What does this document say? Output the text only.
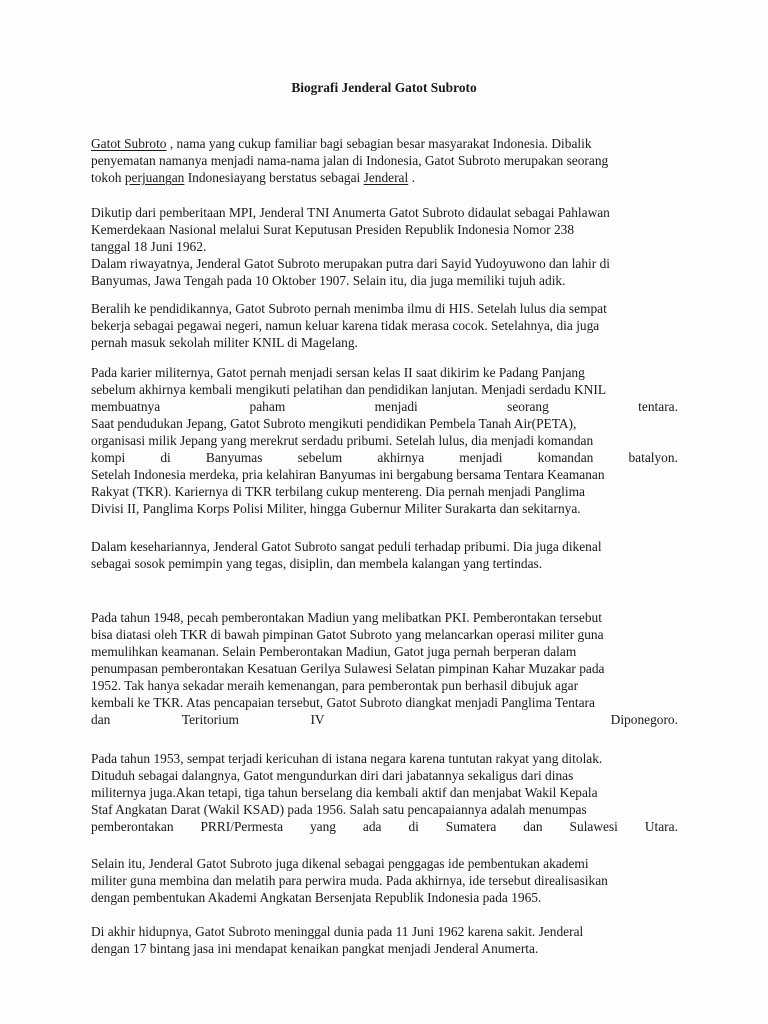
Biografi Jenderal Gatot Subroto
Gatot Subroto , nama yang cukup familiar bagi sebagian besar masyarakat Indonesia. Dibalik
penyematan namanya menjadi nama-nama jalan di Indonesia, Gatot Subroto merupakan seorang
tokoh perjuangan Indonesiayang berstatus sebagai Jenderal .
Dikutip dari pemberitaan MPI, Jenderal TNI Anumerta Gatot Subroto didaulat sebagai Pahlawan
Kemerdekaan Nasional melalui Surat Keputusan Presiden Republik Indonesia Nomor 238
tanggal 18 Juni 1962.
Dalam riwayatnya, Jenderal Gatot Subroto merupakan putra dari Sayid Yudoyuwono dan lahir di
Banyumas, Jawa Tengah pada 10 Oktober 1907. Selain itu, dia juga memiliki tujuh adik.
Beralih ke pendidikannya, Gatot Subroto pernah menimba ilmu di HIS. Setelah lulus dia sempat
bekerja sebagai pegawai negeri, namun keluar karena tidak merasa cocok. Setelahnya, dia juga
pernah masuk sekolah militer KNIL di Magelang.
Pada karier militernya, Gatot pernah menjadi sersan kelas II saat dikirim ke Padang Panjang
sebelum akhirnya kembali mengikuti pelatihan dan pendidikan lanjutan. Menjadi serdadu KNIL
membuatnya	paham	menjadi	seorang	tentara.
Saat pendudukan Jepang, Gatot Subroto mengikuti pendidikan Pembela Tanah Air(PETA),
organisasi milik Jepang yang merekrut serdadu pribumi. Setelah lulus, dia menjadi komandan
kompi	di	Banyumas	sebelum	akhirnya	menjadi	komandan	batalyon.
Setelah Indonesia merdeka, pria kelahiran Banyumas ini bergabung bersama Tentara Keamanan
Rakyat (TKR). Kariernya di TKR terbilang cukup mentereng. Dia pernah menjadi Panglima
Divisi II, Panglima Korps Polisi Militer, hingga Gubernur Militer Surakarta dan sekitarnya.
Dalam kesehariannya, Jenderal Gatot Subroto sangat peduli terhadap pribumi. Dia juga dikenal
sebagai sosok pemimpin yang tegas, disiplin, dan membela kalangan yang tertindas.
Pada tahun 1948, pecah pemberontakan Madiun yang melibatkan PKI. Pemberontakan tersebut
bisa diatasi oleh TKR di bawah pimpinan Gatot Subroto yang melancarkan operasi militer guna
memulihkan keamanan. Selain Pemberontakan Madiun, Gatot juga pernah berperan dalam
penumpasan pemberontakan Kesatuan Gerilya Sulawesi Selatan pimpinan Kahar Muzakar pada
1952. Tak hanya sekadar meraih kemenangan, para pemberontak pun berhasil dibujuk agar
kembali ke TKR. Atas pencapaian tersebut, Gatot Subroto diangkat menjadi Panglima Tentara
dan	Teritorium	IV	Diponegoro.
Pada tahun 1953, sempat terjadi kericuhan di istana negara karena tuntutan rakyat yang ditolak.
Dituduh sebagai dalangnya, Gatot mengundurkan diri dari jabatannya sekaligus dari dinas
militernya juga.Akan tetapi, tiga tahun berselang dia kembali aktif dan menjabat Wakil Kepala
Staf Angkatan Darat (Wakil KSAD) pada 1956. Salah satu pencapaiannya adalah menumpas
pemberontakan PRRI/Permesta yang ada di Sumatera dan Sulawesi Utara.
Selain itu, Jenderal Gatot Subroto juga dikenal sebagai penggagas ide pembentukan akademi
militer guna membina dan melatih para perwira muda. Pada akhirnya, ide tersebut direalisasikan
dengan pembentukan Akademi Angkatan Bersenjata Republik Indonesia pada 1965.
Di akhir hidupnya, Gatot Subroto meninggal dunia pada 11 Juni 1962 karena sakit. Jenderal
dengan 17 bintang jasa ini mendapat kenaikan pangkat menjadi Jenderal Anumerta.
